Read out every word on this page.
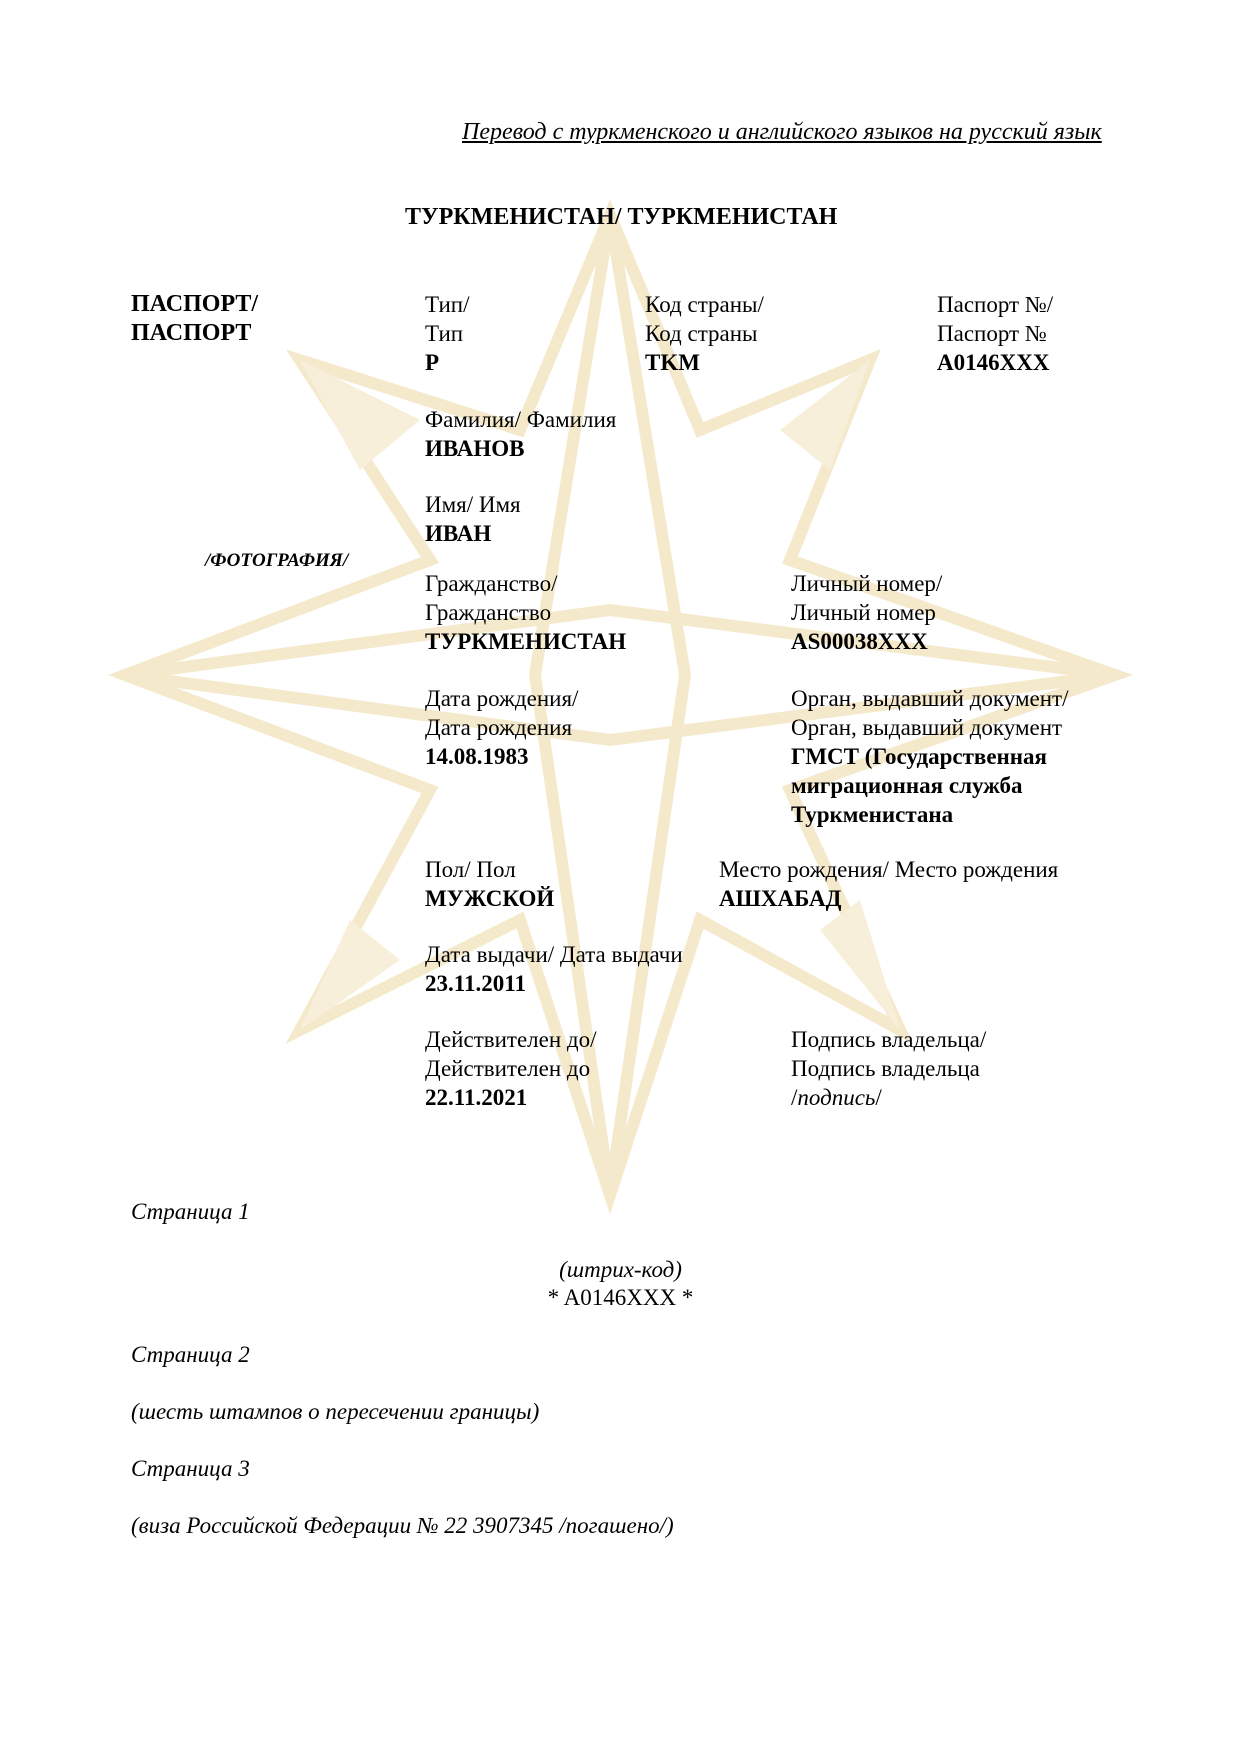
Перевод с туркменского и английского языков на русский язык
ТУРКМЕНИСТАН/ ТУРКМЕНИСТАН
ПАСПОРТ/
ПАСПОРТ
Тип/
Тип
P
Код страны/
Код страны
TKM
Паспорт №/
Паспорт №
A0146XXX
Фамилия/ Фамилия
ИВАНОВ
Имя/ Имя
ИВАН
/ФОТОГРАФИЯ/
Гражданство/
Гражданство
ТУРКМЕНИСТАН
Личный номер/
Личный номер
AS00038XXX
Дата рождения/
Дата рождения
14.08.1983
Орган, выдавший документ/
Орган, выдавший документ
ГМСТ (Государственная
миграционная служба
Туркменистана
Пол/ Пол
МУЖСКОЙ
Место рождения/ Место рождения
АШХАБАД
Дата выдачи/ Дата выдачи
23.11.2011
Действителен до/
Действителен до
22.11.2021
Подпись владельца/
Подпись владельца
/подпись/
Страница 1
(штрих-код)
* A0146XXX *
Страница 2
(шесть штампов о пересечении границы)
Страница 3
(виза Российской Федерации № 22 3907345 /погашено/)
